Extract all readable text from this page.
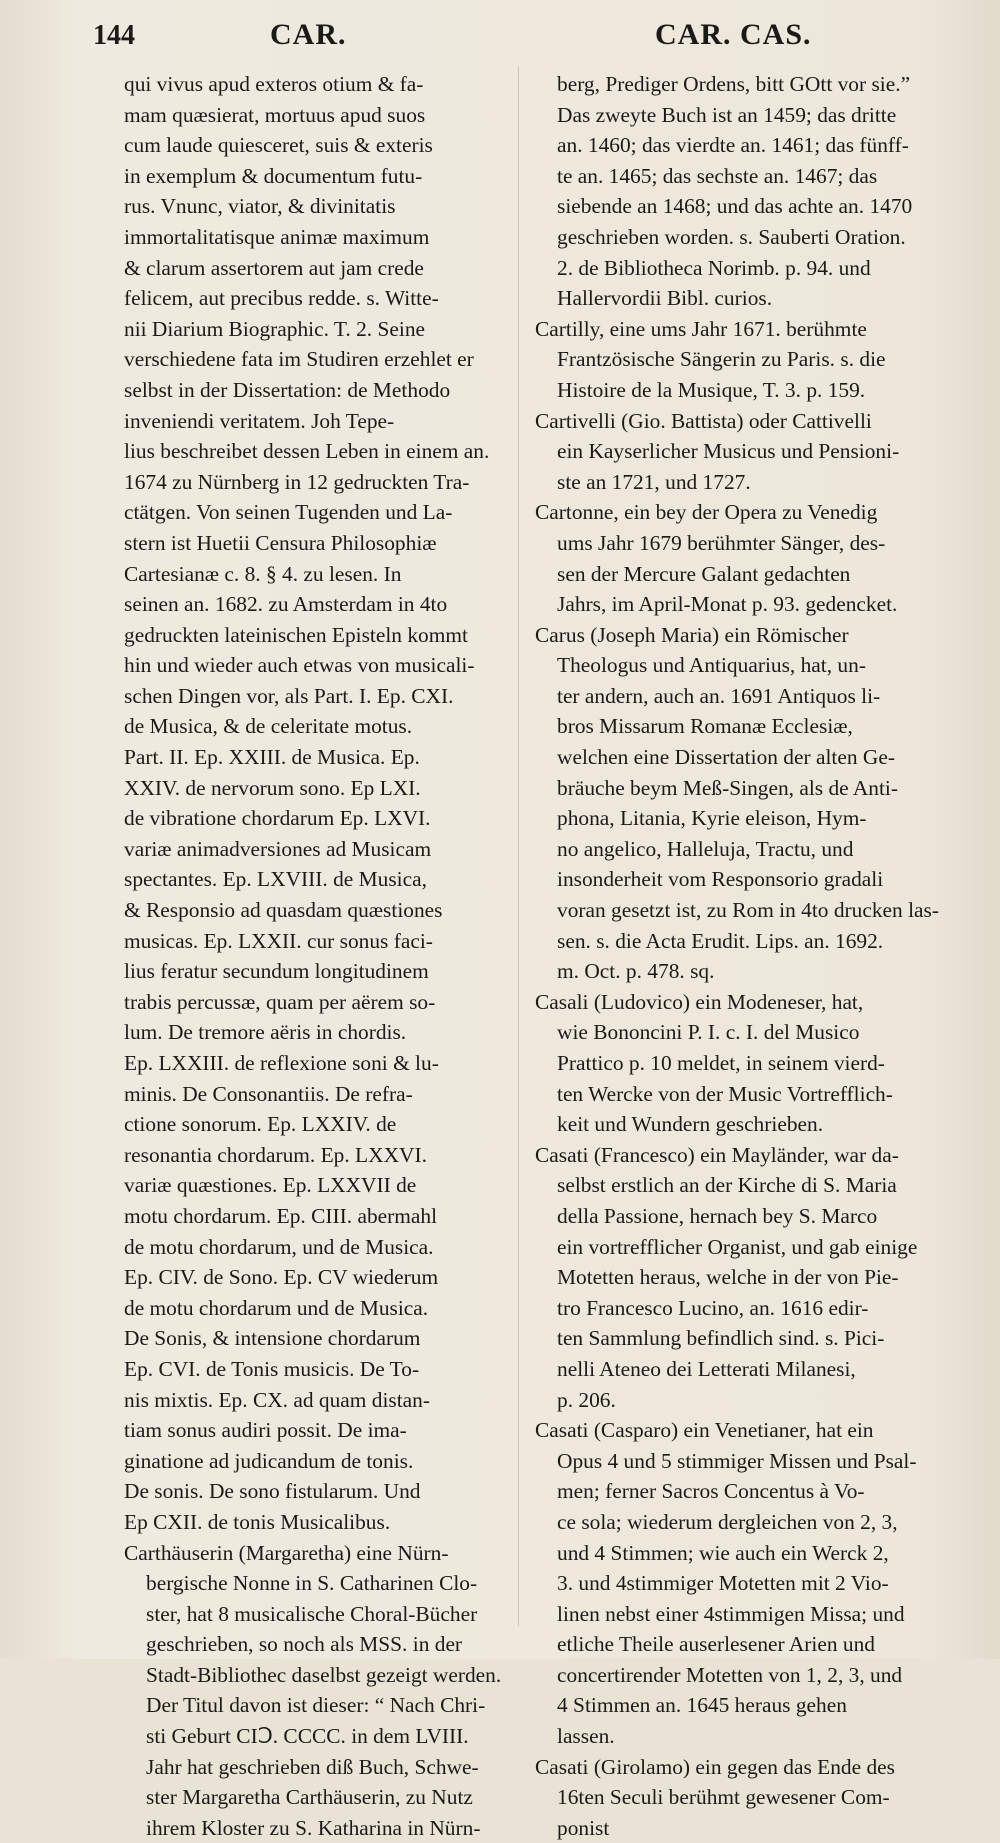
144	CAR.	CAR. CAS.
qui vivus apud exteros otium & fa-
mam quæsierat, mortuus apud suos
cum laude quiesceret, suis & exteris
in exemplum & documentum futu-
rus. Vnunc, viator, & divinitatis
immortalitatisque animæ maximum
& clarum assertorem aut jam crede
felicem, aut precibus redde. s. Witte-
nii Diarium Biographic. T. 2. Seine
verschiedene fata im Studiren erzehlet er
selbst in der Dissertation: de Methodo
inveniendi veritatem. Joh Tepe-
lius beschreibet dessen Leben in einem an.
1674 zu Nürnberg in 12 gedruckten Tra-
ctätgen. Von seinen Tugenden und La-
stern ist Huetii Censura Philosophiæ
Cartesianæ c. 8. § 4. zu lesen. In
seinen an. 1682. zu Amsterdam in 4to
gedruckten lateinischen Episteln kommt
hin und wieder auch etwas von musicali-
schen Dingen vor, als Part. I. Ep. CXI.
de Musica, & de celeritate motus.
Part. II. Ep. XXIII. de Musica. Ep.
XXIV. de nervorum sono. Ep LXI.
de vibratione chordarum Ep. LXVI.
variæ animadversiones ad Musicam
spectantes. Ep. LXVIII. de Musica,
& Responsio ad quasdam quæstiones
musicas. Ep. LXXII. cur sonus faci-
lius feratur secundum longitudinem
trabis percussæ, quam per aërem so-
lum. De tremore aëris in chordis.
Ep. LXXIII. de reflexione soni & lu-
minis. De Consonantiis. De refra-
ctione sonorum. Ep. LXXIV. de
resonantia chordarum. Ep. LXXVI.
variæ quæstiones. Ep. LXXVII de
motu chordarum. Ep. CIII. abermahl
de motu chordarum, und de Musica.
Ep. CIV. de Sono. Ep. CV wiederum
de motu chordarum und de Musica.
De Sonis, & intensione chordarum
Ep. CVI. de Tonis musicis. De To-
nis mixtis. Ep. CX. ad quam distan-
tiam sonus audiri possit. De ima-
ginatione ad judicandum de tonis.
De sonis. De sono fistularum. Und
Ep CXII. de tonis Musicalibus.
Carthäuserin (Margaretha) eine Nürn-
bergische Nonne in S. Catharinen Clo-
ster, hat 8 musicalische Choral-Bücher
geschrieben, so noch als MSS. in der
Stadt-Bibliothec daselbst gezeigt werden.
Der Titul davon ist dieser: “ Nach Chri-
sti Geburt CIↃ. CCCC. in dem LVIII.
Jahr hat geschrieben diß Buch, Schwe-
ster Margaretha Carthäuserin, zu Nutz
ihrem Kloster zu S. Katharina in Nürn-
berg, Prediger Ordens, bitt GOtt vor sie.”
Das zweyte Buch ist an 1459; das dritte
an. 1460; das vierdte an. 1461; das fünff-
te an. 1465; das sechste an. 1467; das
siebende an 1468; und das achte an. 1470
geschrieben worden. s. Sauberti Oration.
2. de Bibliotheca Norimb. p. 94. und
Hallervordii Bibl. curios.
Cartilly, eine ums Jahr 1671. berühmte
Frantzösische Sängerin zu Paris. s. die
Histoire de la Musique, T. 3. p. 159.
Cartivelli (Gio. Battista) oder Cattivelli
ein Kayserlicher Musicus und Pensioni-
ste an 1721, und 1727.
Cartonne, ein bey der Opera zu Venedig
ums Jahr 1679 berühmter Sänger, des-
sen der Mercure Galant gedachten
Jahrs, im April-Monat p. 93. gedencket.
Carus (Joseph Maria) ein Römischer
Theologus und Antiquarius, hat, un-
ter andern, auch an. 1691 Antiquos li-
bros Missarum Romanæ Ecclesiæ,
welchen eine Dissertation der alten Ge-
bräuche beym Meß-Singen, als de Anti-
phona, Litania, Kyrie eleison, Hym-
no angelico, Halleluja, Tractu, und
insonderheit vom Responsorio gradali
voran gesetzt ist, zu Rom in 4to drucken las-
sen. s. die Acta Erudit. Lips. an. 1692.
m. Oct. p. 478. sq.
Casali (Ludovico) ein Modeneser, hat,
wie Bononcini P. I. c. I. del Musico
Prattico p. 10 meldet, in seinem vierd-
ten Wercke von der Music Vortrefflich-
keit und Wundern geschrieben.
Casati (Francesco) ein Mayländer, war da-
selbst erstlich an der Kirche di S. Maria
della Passione, hernach bey S. Marco
ein vortrefflicher Organist, und gab einige
Motetten heraus, welche in der von Pie-
tro Francesco Lucino, an. 1616 edir-
ten Sammlung befindlich sind. s. Pici-
nelli Ateneo dei Letterati Milanesi,
p. 206.
Casati (Casparo) ein Venetianer, hat ein
Opus 4 und 5 stimmiger Missen und Psal-
men; ferner Sacros Concentus à Vo-
ce sola; wiederum dergleichen von 2, 3,
und 4 Stimmen; wie auch ein Werck 2,
3. und 4stimmiger Motetten mit 2 Vio-
linen nebst einer 4stimmigen Missa; und
etliche Theile auserlesener Arien und
concertirender Motetten von 1, 2, 3, und
4 Stimmen an. 1645 heraus gehen
lassen.
Casati (Girolamo) ein gegen das Ende des
16ten Seculi berühmt gewesener Com-
ponist
